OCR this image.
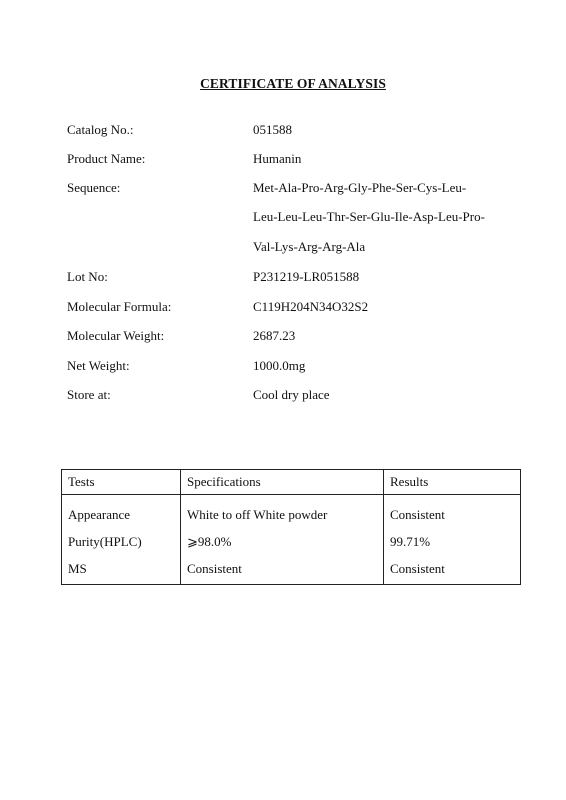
CERTIFICATE OF ANALYSIS
Catalog No.:	051588
Product Name:	Humanin
Sequence:	Met-Ala-Pro-Arg-Gly-Phe-Ser-Cys-Leu-
Leu-Leu-Leu-Thr-Ser-Glu-Ile-Asp-Leu-Pro-
Val-Lys-Arg-Arg-Ala
Lot No:	P231219-LR051588
Molecular Formula:	C119H204N34O32S2
Molecular Weight:	2687.23
Net Weight:	1000.0mg
Store at:	Cool dry place
Tests	Specifications	Results
Appearance	White to off White powder	Consistent
Purity(HPLC)	⩾98.0%	99.71%
MS	Consistent	Consistent
